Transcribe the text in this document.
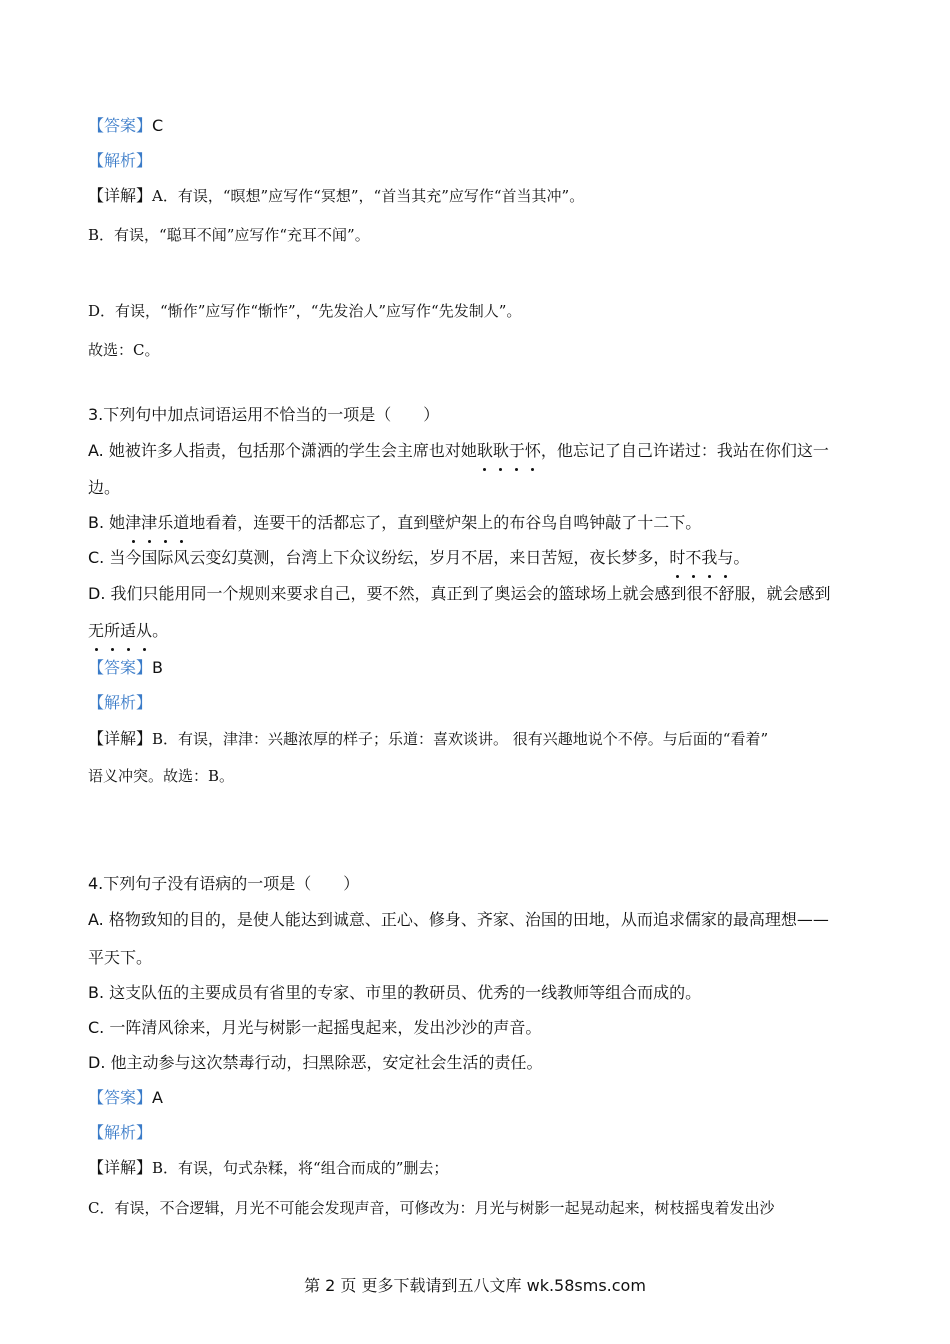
【答案】C
【解析】
【详解】A．有误，“暝想”应写作“冥想”，“首当其充”应写作“首当其冲”。
B．有误，“聪耳不闻”应写作“充耳不闻”。
D．有误，“惭作”应写作“惭怍”，“先发治人”应写作“先发制人”。
故选：C。
3.下列句中加点词语运用不恰当的一项是（　　）
A. 她被许多人指责，包括那个潇洒的学生会主席也对她耿耿于怀，他忘记了自己许诺过：我站在你们这一
边。
B. 她津津乐道地看着，连要干的活都忘了，直到壁炉架上的布谷鸟自鸣钟敲了十二下。
C. 当今国际风云变幻莫测，台湾上下众议纷纭，岁月不居，来日苦短，夜长梦多，时不我与。
D. 我们只能用同一个规则来要求自己，要不然，真正到了奥运会的篮球场上就会感到很不舒服，就会感到
无所适从。
【答案】B
【解析】
【详解】B．有误，津津：兴趣浓厚的样子；乐道：喜欢谈讲。 很有兴趣地说个不停。与后面的“看着”
语义冲突。故选：B。
4.下列句子没有语病的一项是（　　）
A. 格物致知的目的，是使人能达到诚意、正心、修身、齐家、治国的田地，从而追求儒家的最高理想——
平天下。
B. 这支队伍的主要成员有省里的专家、市里的教研员、优秀的一线教师等组合而成的。
C. 一阵清风徐来，月光与树影一起摇曳起来，发出沙沙的声音。
D. 他主动参与这次禁毒行动，扫黑除恶，安定社会生活的责任。
【答案】A
【解析】
【详解】B．有误，句式杂糅，将“组合而成的”删去；
C．有误，不合逻辑，月光不可能会发现声音，可修改为：月光与树影一起晃动起来，树枝摇曳着发出沙
第 2 页 更多下载请到五八文库 wk.58sms.com
